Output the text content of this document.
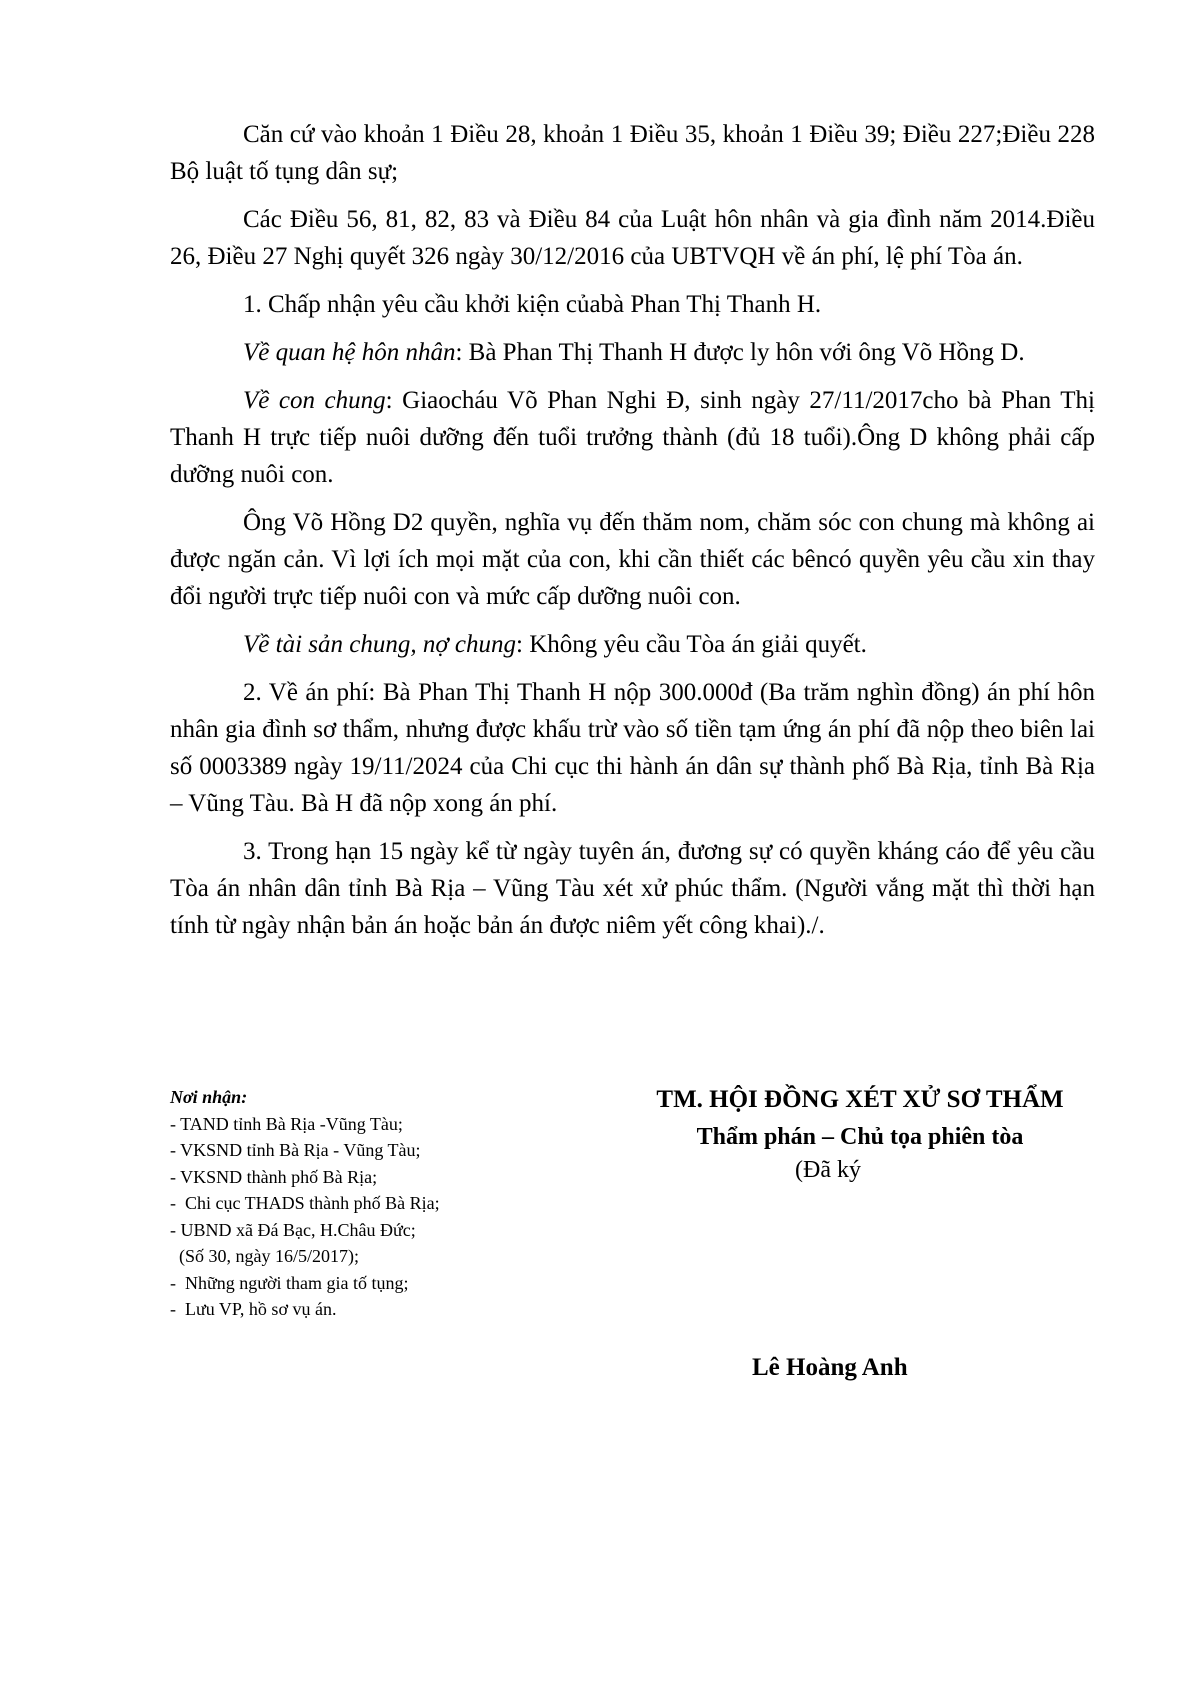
Căn cứ vào khoản 1 Điều 28, khoản 1 Điều 35, khoản 1 Điều 39; Điều 227;Điều 228 Bộ luật tố tụng dân sự;

Các Điều 56, 81, 82, 83 và Điều 84 của Luật hôn nhân và gia đình năm 2014.Điều 26, Điều 27 Nghị quyết 326 ngày 30/12/2016 của UBTVQH về án phí, lệ phí Tòa án.

1. Chấp nhận yêu cầu khởi kiện củabà Phan Thị Thanh H.

Về quan hệ hôn nhân: Bà Phan Thị Thanh H được ly hôn với ông Võ Hồng D.

Về con chung: Giaocháu Võ Phan Nghi Đ, sinh ngày 27/11/2017cho bà Phan Thị Thanh H trực tiếp nuôi dưỡng đến tuổi trưởng thành (đủ 18 tuổi).Ông D không phải cấp dưỡng nuôi con.

Ông Võ Hồng D2 quyền, nghĩa vụ đến thăm nom, chăm sóc con chung mà không ai được ngăn cản. Vì lợi ích mọi mặt của con, khi cần thiết các bêncó quyền yêu cầu xin thay đổi người trực tiếp nuôi con và mức cấp dưỡng nuôi con.

Về tài sản chung, nợ chung: Không yêu cầu Tòa án giải quyết.

2. Về án phí: Bà Phan Thị Thanh H nộp 300.000đ (Ba trăm nghìn đồng) án phí hôn nhân gia đình sơ thẩm, nhưng được khấu trừ vào số tiền tạm ứng án phí đã nộp theo biên lai số 0003389 ngày 19/11/2024 của Chi cục thi hành án dân sự thành phố Bà Rịa, tỉnh Bà Rịa – Vũng Tàu. Bà H đã nộp xong án phí.

3. Trong hạn 15 ngày kể từ ngày tuyên án, đương sự có quyền kháng cáo để yêu cầu Tòa án nhân dân tỉnh Bà Rịa – Vũng Tàu xét xử phúc thẩm. (Người vắng mặt thì thời hạn tính từ ngày nhận bản án hoặc bản án được niêm yết công khai)./.

Nơi nhận:
- TAND tỉnh Bà Rịa -Vũng Tàu;
- VKSND tỉnh Bà Rịa - Vũng Tàu;
- VKSND thành phố Bà Rịa;
-  Chi cục THADS thành phố Bà Rịa;
- UBND xã Đá Bạc, H.Châu Đức;
(Số 30, ngày 16/5/2017);
-  Những người tham gia tố tụng;
-  Lưu VP, hồ sơ vụ án.
TM. HỘI ĐỒNG XÉT XỬ SƠ THẨM
Thẩm phán – Chủ tọa phiên tòa
(Đã ký
Lê Hoàng Anh
